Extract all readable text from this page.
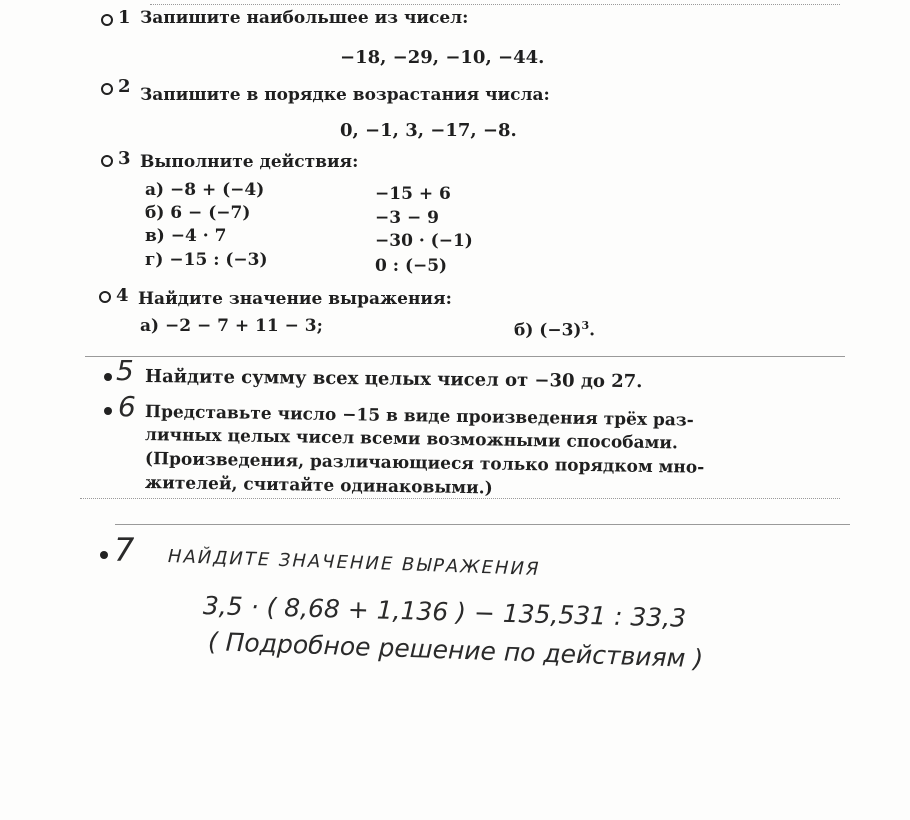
1 Запишите наибольшее из чисел:
−18, −29, −10, −44.
2 Запишите в порядке возрастания числа:
0, −1, 3, −17, −8.
3 Выполните действия:
а) −8 + (−4)
б) 6 − (−7)
в) −4 · 7
г) −15 : (−3)
−15 + 6
−3 − 9
−30 · (−1)
0 : (−5)
4 Найдите значение выражения:
а) −2 − 7 + 11 − 3;	б) $(-3)^3$.
5 Найдите сумму всех целых чисел от −30 до 27.
6 Представьте число −15 в виде произведения трёх раз-
личных целых чисел всеми возможными способами.
(Произведения, различающиеся только порядком мно-
жителей, считайте одинаковыми.)
7 НАЙДИТЕ ЗНАЧЕНИЕ ВЫРАЖЕНИЯ
3,5 · ( 8,68 + 1,136 ) − 135,531 : 33,3
( Подробное решение по действиям )
